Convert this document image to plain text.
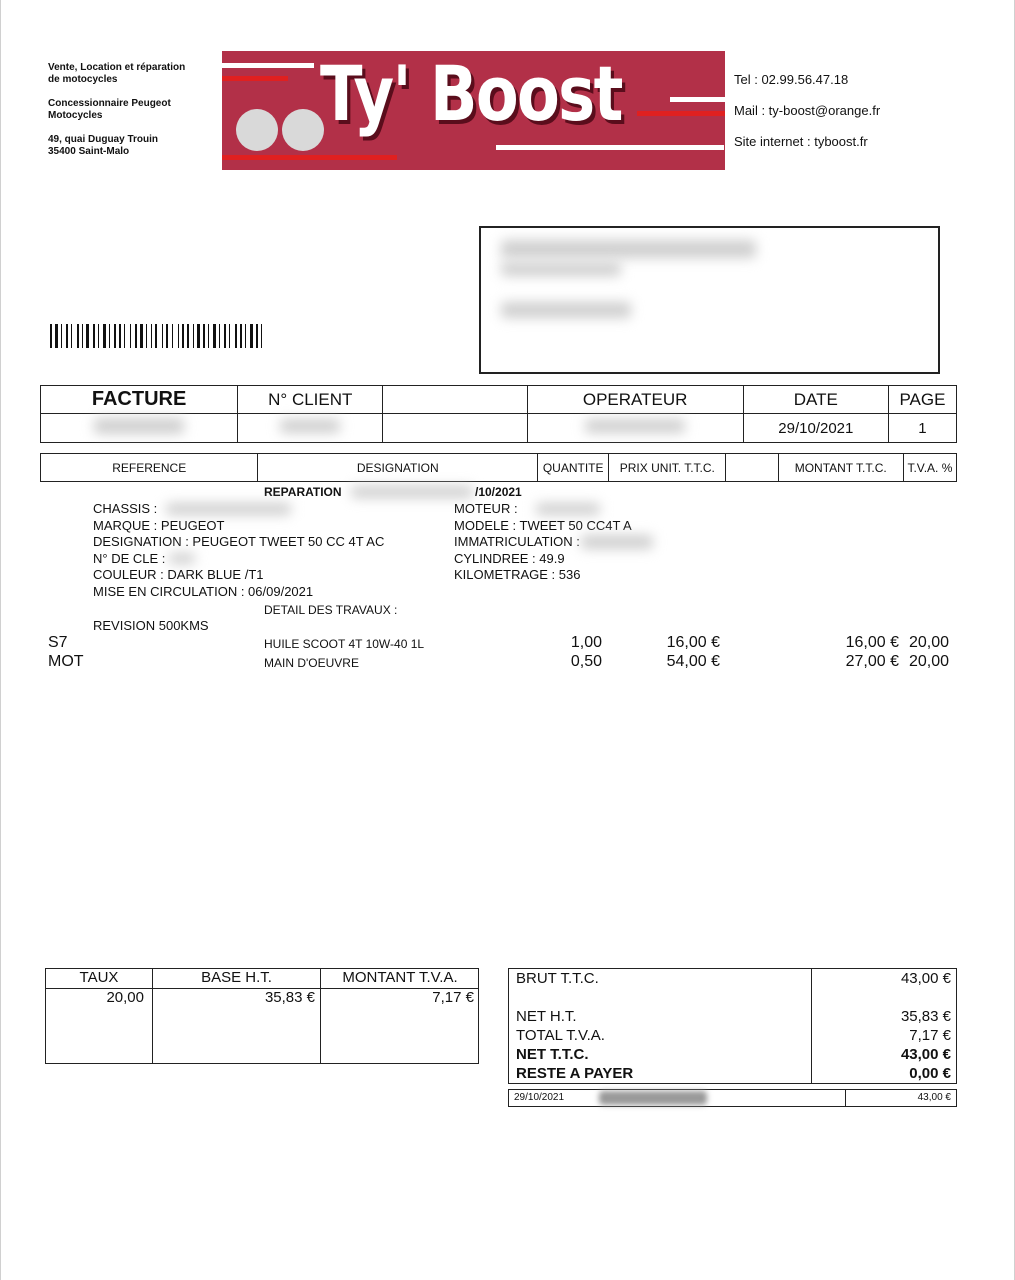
Vente, Location et réparation
de motocycles
Concessionnaire Peugeot
Motocycles
49, quai Duguay Trouin
35400 Saint-Malo
Ty' Boost	Tel : 02.99.56.47.18
Mail : ty-boost@orange.fr
Site internet : tyboost.fr
FACTURE	N° CLIENT		OPERATEUR	DATE	PAGE
				29/10/2021	1
REFERENCE	DESIGNATION	QUANTITE	PRIX UNIT. T.T.C.		MONTANT T.T.C.	T.V.A. %
REPARATION	/10/2021
CHASSIS :	MOTEUR :
MARQUE : PEUGEOT	MODELE : TWEET 50 CC4T A
DESIGNATION : PEUGEOT TWEET 50 CC 4T AC	IMMATRICULATION :
N° DE CLE :	CYLINDREE : 49.9
COULEUR : DARK BLUE /T1	KILOMETRAGE : 536
MISE EN CIRCULATION : 06/09/2021
DETAIL DES TRAVAUX :
REVISION 500KMS
S7	HUILE SCOOT 4T 10W-40 1L	1,00	16,00 €	16,00 € 20,00
MOT	MAIN D'OEUVRE	0,50	54,00 €	27,00 € 20,00
TAUX	BASE H.T.	MONTANT T.V.A.
20,00	35,83 €	7,17 €
BRUT T.T.C.	43,00 €
NET H.T.	35,83 €
TOTAL T.V.A.	7,17 €
NET T.T.C.	43,00 €
RESTE A PAYER	0,00 €
29/10/2021	43,00 €
